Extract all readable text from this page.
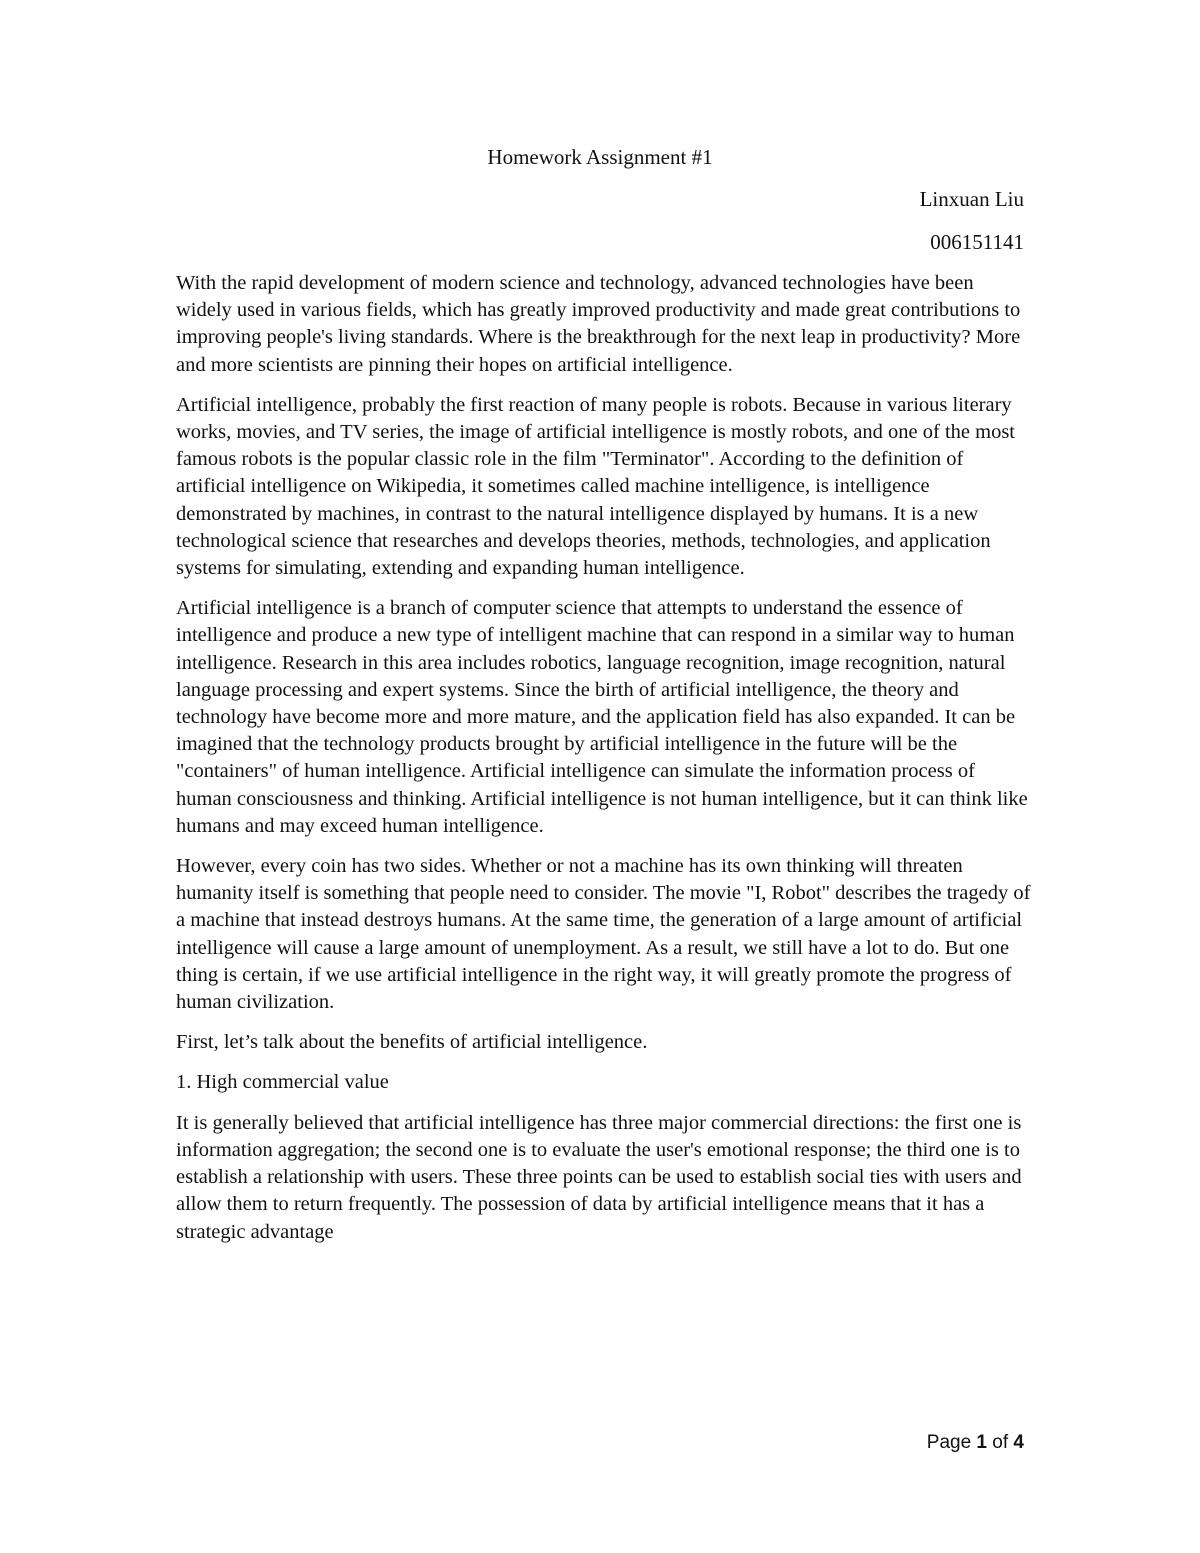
Homework Assignment #1
Linxuan Liu
006151141

With the rapid development of modern science and technology, advanced technologies have been widely used in various fields, which has greatly improved productivity and made great contributions to improving people's living standards. Where is the breakthrough for the next leap in productivity? More and more scientists are pinning their hopes on artificial intelligence.

Artificial intelligence, probably the first reaction of many people is robots. Because in various literary works, movies, and TV series, the image of artificial intelligence is mostly robots, and one of the most famous robots is the popular classic role in the film "Terminator". According to the definition of artificial intelligence on Wikipedia, it sometimes called machine intelligence, is intelligence demonstrated by machines, in contrast to the natural intelligence displayed by humans. It is a new technological science that researches and develops theories, methods, technologies, and application systems for simulating, extending and expanding human intelligence.

Artificial intelligence is a branch of computer science that attempts to understand the essence of intelligence and produce a new type of intelligent machine that can respond in a similar way to human intelligence. Research in this area includes robotics, language recognition, image recognition, natural language processing and expert systems. Since the birth of artificial intelligence, the theory and technology have become more and more mature, and the application field has also expanded. It can be imagined that the technology products brought by artificial intelligence in the future will be the "containers" of human intelligence. Artificial intelligence can simulate the information process of human consciousness and thinking. Artificial intelligence is not human intelligence, but it can think like humans and may exceed human intelligence.

However, every coin has two sides. Whether or not a machine has its own thinking will threaten humanity itself is something that people need to consider. The movie "I, Robot" describes the tragedy of a machine that instead destroys humans. At the same time, the generation of a large amount of artificial intelligence will cause a large amount of unemployment. As a result, we still have a lot to do. But one thing is certain, if we use artificial intelligence in the right way, it will greatly promote the progress of human civilization.

First, let’s talk about the benefits of artificial intelligence.

1. High commercial value

It is generally believed that artificial intelligence has three major commercial directions: the first one is information aggregation; the second one is to evaluate the user's emotional response; the third one is to establish a relationship with users. These three points can be used to establish social ties with users and allow them to return frequently. The possession of data by artificial intelligence means that it has a strategic advantage

Page 1 of 4
